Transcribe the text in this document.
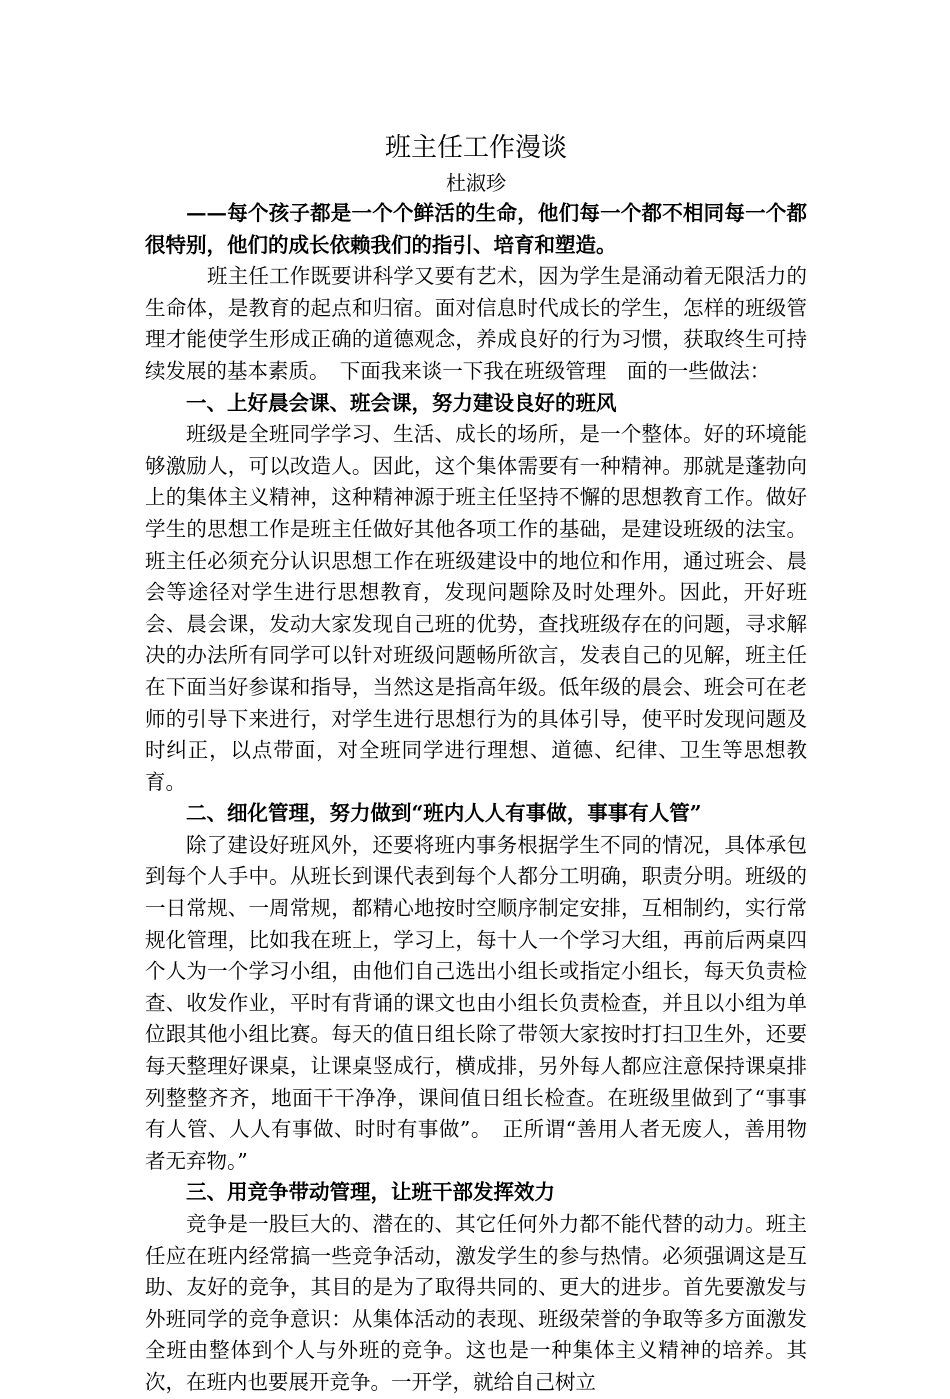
班主任工作漫谈

杜淑珍

——每个孩子都是一个个鲜活的生命，他们每一个都不相同每一个都很特别，他们的成长依赖我们的指引、培育和塑造。

班主任工作既要讲科学又要有艺术，因为学生是涌动着无限活力的生命体，是教育的起点和归宿。面对信息时代成长的学生，怎样的班级管理才能使学生形成正确的道德观念，养成良好的行为习惯，获取终生可持续发展的基本素质。　下面我来谈一下我在班级管理　面的一些做法：

一、上好晨会课、班会课，努力建设良好的班风

班级是全班同学学习、生活、成长的场所，是一个整体。好的环境能够激励人，可以改造人。因此，这个集体需要有一种精神。那就是蓬勃向上的集体主义精神，这种精神源于班主任坚持不懈的思想教育工作。做好学生的思想工作是班主任做好其他各项工作的基础，是建设班级的法宝。班主任必须充分认识思想工作在班级建设中的地位和作用，通过班会、晨会等途径对学生进行思想教育，发现问题除及时处理外。因此，开好班会、晨会课，发动大家发现自己班的优势，查找班级存在的问题，寻求解决的办法所有同学可以针对班级问题畅所欲言，发表自己的见解，班主任在下面当好参谋和指导，当然这是指高年级。低年级的晨会、班会可在老师的引导下来进行，对学生进行思想行为的具体引导，使平时发现问题及时纠正，以点带面，对全班同学进行理想、道德、纪律、卫生等思想教育。

二、细化管理，努力做到“班内人人有事做，事事有人管”

除了建设好班风外，还要将班内事务根据学生不同的情况，具体承包到每个人手中。从班长到课代表到每个人都分工明确，职责分明。班级的一日常规、一周常规，都精心地按时空顺序制定安排，互相制约，实行常规化管理，比如我在班上，学习上，每十人一个学习大组，再前后两桌四个人为一个学习小组，由他们自己选出小组长或指定小组长，每天负责检查、收发作业，平时有背诵的课文也由小组长负责检查，并且以小组为单位跟其他小组比赛。每天的值日组长除了带领大家按时打扫卫生外，还要每天整理好课桌，让课桌竖成行，横成排，另外每人都应注意保持课桌排列整整齐齐，地面干干净净，课间值日组长检查。在班级里做到了“事事有人管、人人有事做、时时有事做”。　正所谓“善用人者无废人，善用物者无弃物。”

三、用竞争带动管理，让班干部发挥效力

竞争是一股巨大的、潜在的、其它任何外力都不能代替的动力。班主任应在班内经常搞一些竞争活动，激发学生的参与热情。必须强调这是互助、友好的竞争，其目的是为了取得共同的、更大的进步。首先要激发与外班同学的竞争意识：从集体活动的表现、班级荣誉的争取等多方面激发全班由整体到个人与外班的竞争。这也是一种集体主义精神的培养。其次，在班内也要展开竞争。一开学，就给自己树立
